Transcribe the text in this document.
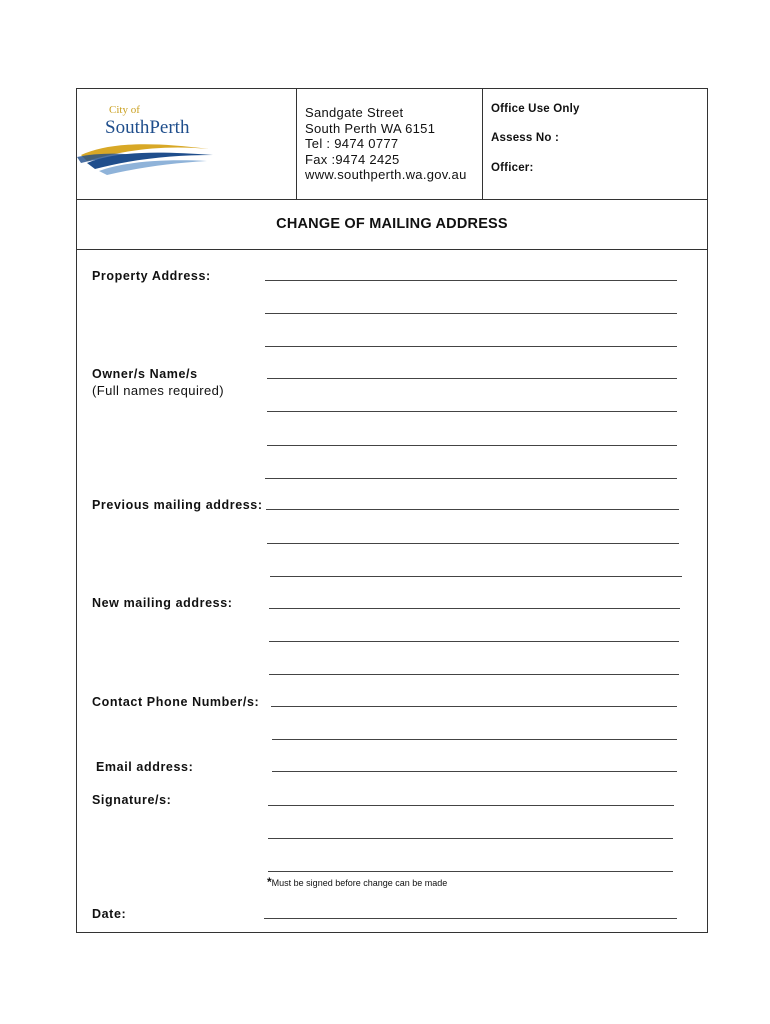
City of
SouthPerth
Sandgate Street
South Perth WA 6151
Tel : 9474 0777
Fax :9474 2425
www.southperth.wa.gov.au
Office Use Only
Assess No :
Officer:
CHANGE OF MAILING ADDRESS
Property Address:
Owner/s Name/s
(Full names required)
Previous mailing address:
New mailing address:
Contact Phone Number/s:
Email address:
Signature/s:
*Must be signed before change can be made
Date:
